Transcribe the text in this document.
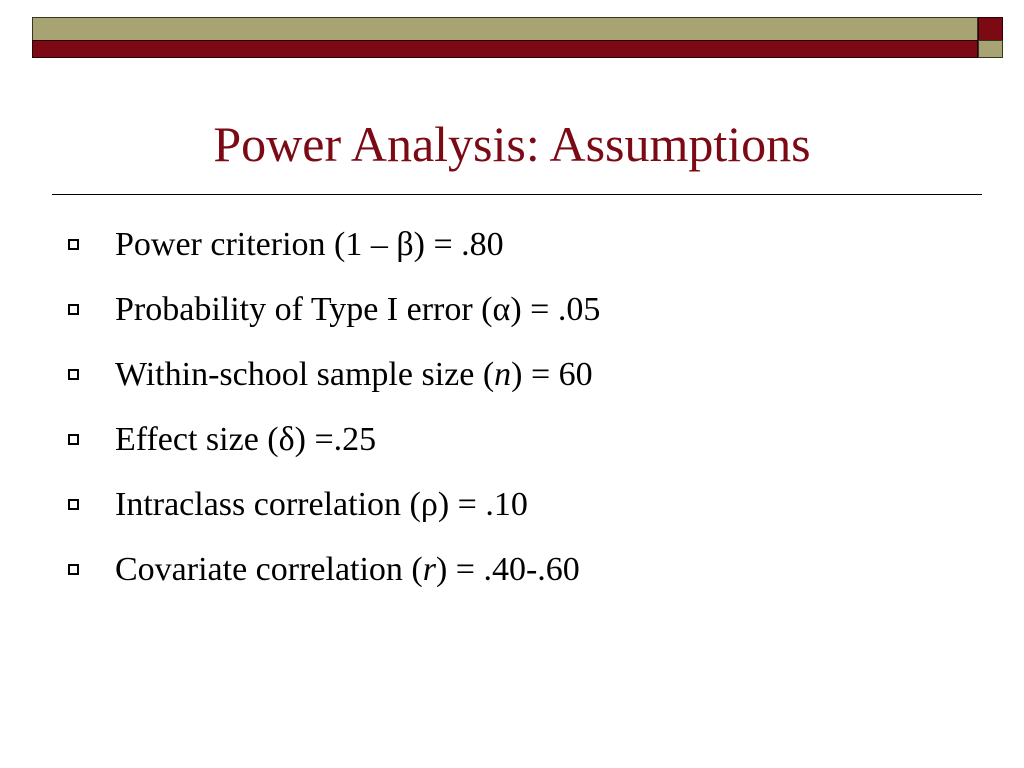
Power Analysis: Assumptions
Power criterion (1 – β) = .80
Probability of Type I error (α) = .05
Within-school sample size (n) = 60
Effect size (δ) =.25
Intraclass correlation (ρ) = .10
Covariate correlation (r) = .40-.60
